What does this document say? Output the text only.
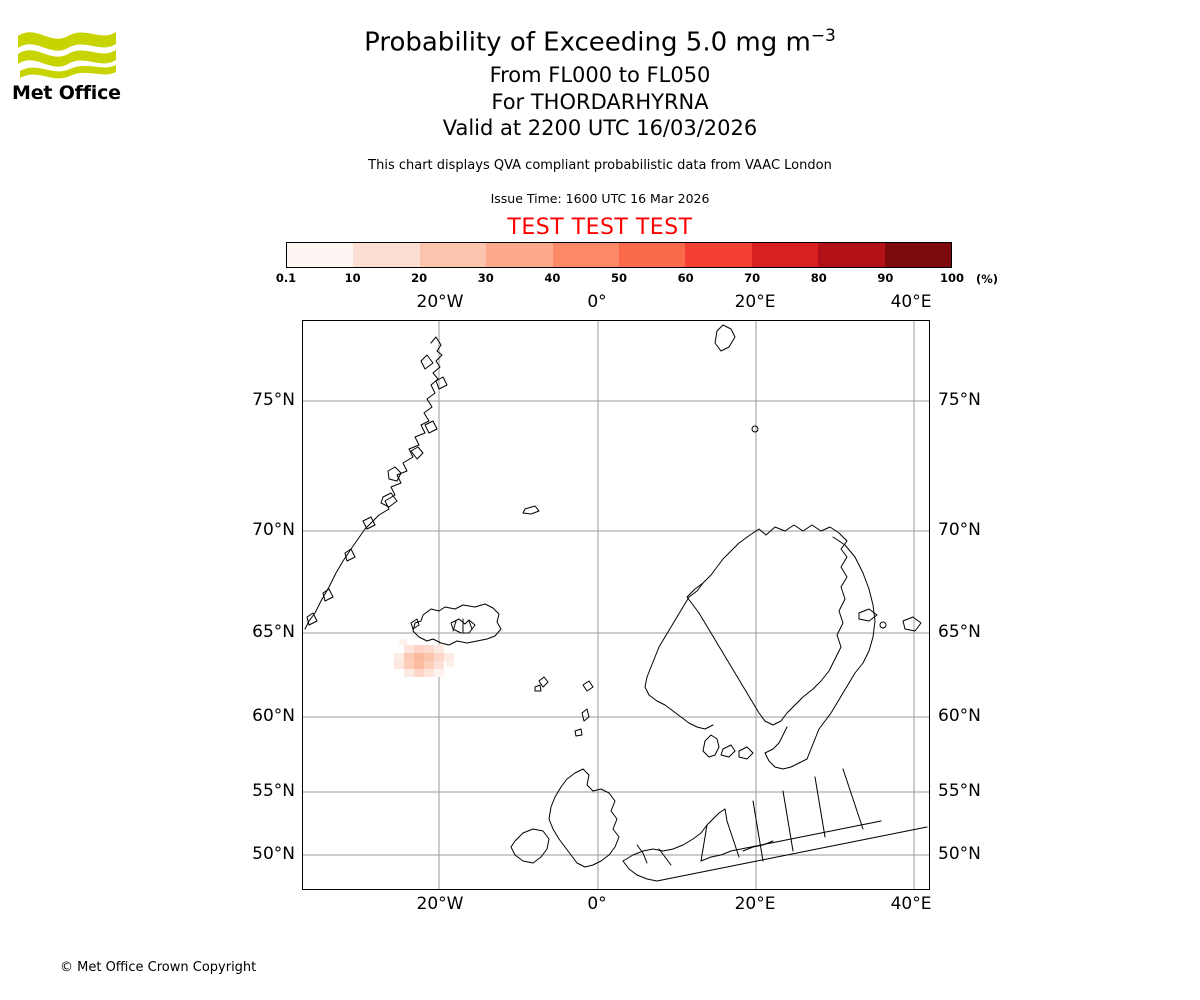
Met Office
Probability of Exceeding 5.0 mg $m^{-3}$
From FL000 to FL050
For THORDARHYRNA
Valid at 2200 UTC 16/03/2026
This chart displays QVA compliant probabilistic data from VAAC London
Issue Time: 1600 UTC 16 Mar 2026
TEST TEST TEST
(%)
0.1	10	20	30	40	50	60	70	80	90	100
20°W	0°	20°E	40°E
20°W	0°	20°E	40°E
75°N
70°N
65°N
60°N
55°N
50°N
75°N
70°N
65°N
60°N
55°N
50°N
© Met Office Crown Copyright
